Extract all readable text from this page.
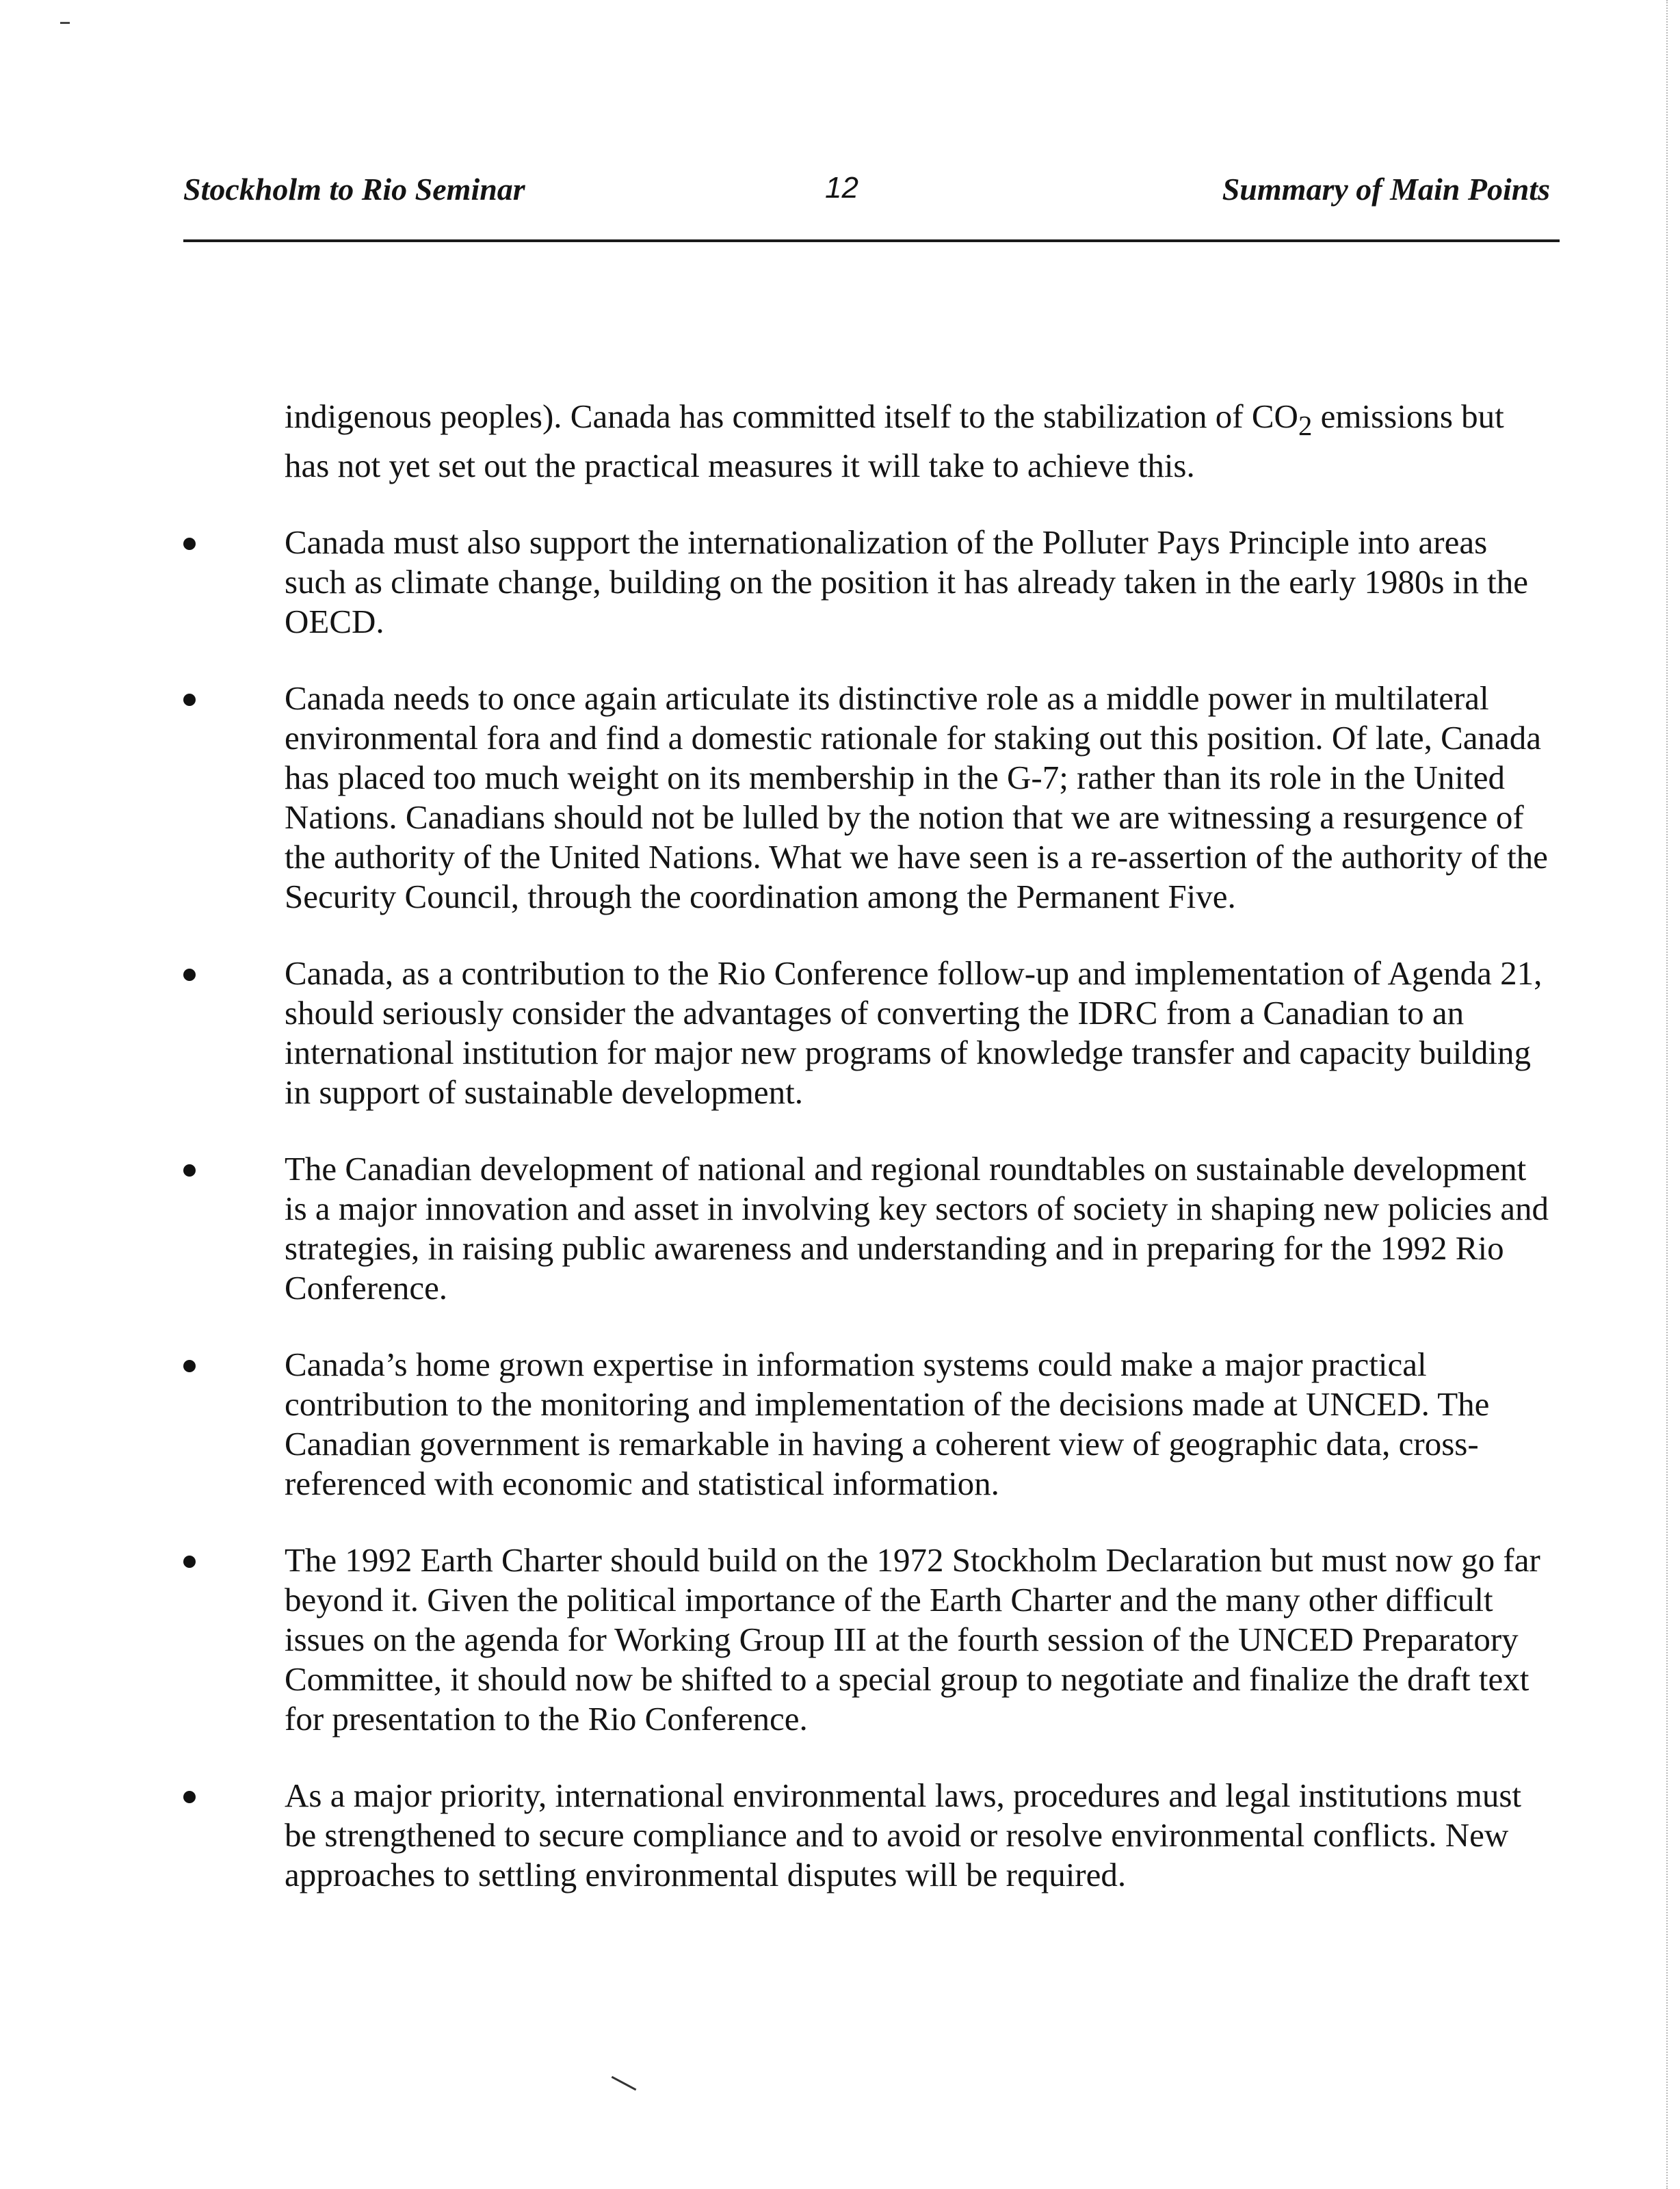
Stockholm to Rio Seminar	12	Summary of Main Points

indigenous peoples). Canada has committed itself to the stabilization of $CO_2$ emissions but has not yet set out the practical measures it will take to achieve this.

Canada must also support the internationalization of the Polluter Pays Principle into areas such as climate change, building on the position it has already taken in the early 1980s in the OECD.

Canada needs to once again articulate its distinctive role as a middle power in multilateral environmental fora and find a domestic rationale for staking out this position. Of late, Canada has placed too much weight on its membership in the G-7; rather than its role in the United Nations. Canadians should not be lulled by the notion that we are witnessing a resurgence of the authority of the United Nations. What we have seen is a re-assertion of the authority of the Security Council, through the coordination among the Permanent Five.

Canada, as a contribution to the Rio Conference follow-up and implementation of Agenda 21, should seriously consider the advantages of converting the IDRC from a Canadian to an international institution for major new programs of knowledge transfer and capacity building in support of sustainable development.

The Canadian development of national and regional roundtables on sustainable development is a major innovation and asset in involving key sectors of society in shaping new policies and strategies, in raising public awareness and understanding and in preparing for the 1992 Rio Conference.

Canada’s home grown expertise in information systems could make a major practical contribution to the monitoring and implementation of the decisions made at UNCED. The Canadian government is remarkable in having a coherent view of geographic data, cross-referenced with economic and statistical information.

The 1992 Earth Charter should build on the 1972 Stockholm Declaration but must now go far beyond it. Given the political importance of the Earth Charter and the many other difficult issues on the agenda for Working Group III at the fourth session of the UNCED Preparatory Committee, it should now be shifted to a special group to negotiate and finalize the draft text for presentation to the Rio Conference.

As a major priority, international environmental laws, procedures and legal institutions must be strengthened to secure compliance and to avoid or resolve environmental conflicts. New approaches to settling environmental disputes will be required.
